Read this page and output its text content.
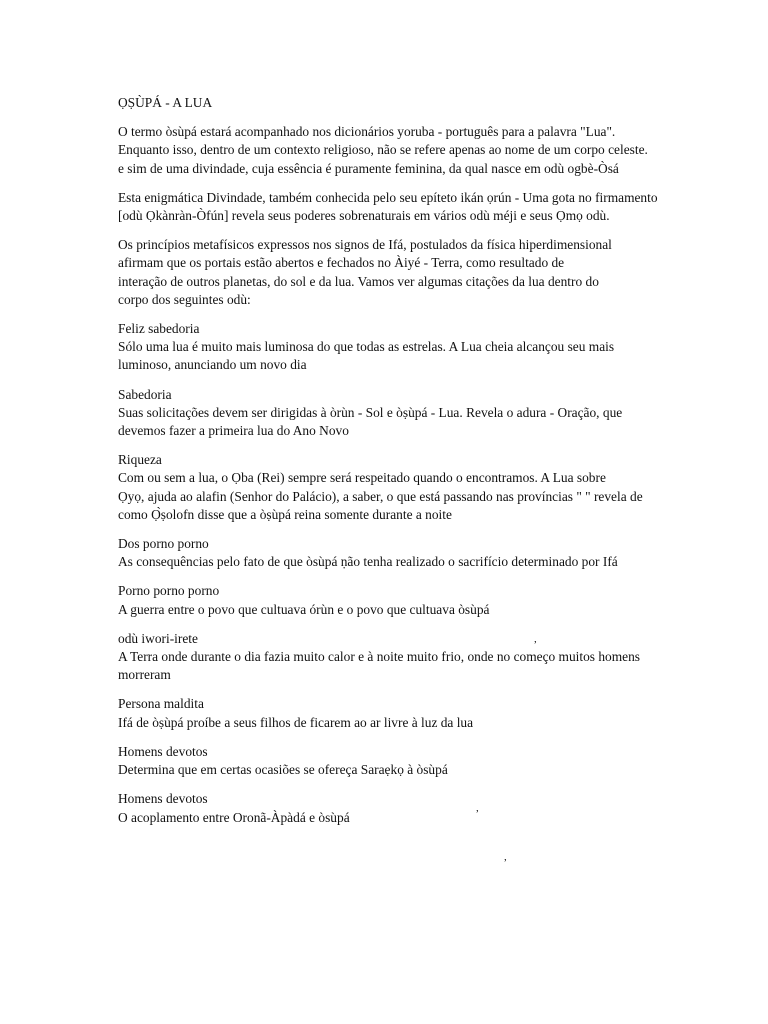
ỌṢÙPÁ - A LUA

O termo òsùpá estará acompanhado nos dicionários yoruba - português para a palavra "Lua".
Enquanto isso, dentro de um contexto religioso, não se refere apenas ao nome de um corpo celeste.
e sim de uma divindade, cuja essência é puramente feminina, da qual nasce em odù ogbè-Òsá

Esta enigmática Divindade, também conhecida pelo seu epíteto ikán ọrún - Uma gota no firmamento
[odù Ọkànràn-Òfún] revela seus poderes sobrenaturais em vários odù méji e seus Ọmọ odù.

Os princípios metafísicos expressos nos signos de Ifá, postulados da física hiperdimensional
afirmam que os portais estão abertos e fechados no Àiyé - Terra, como resultado de
interação de outros planetas, do sol e da lua. Vamos ver algumas citações da lua dentro do
corpo dos seguintes odù:

Feliz sabedoria
Sólo uma lua é muito mais luminosa do que todas as estrelas. A Lua cheia alcançou seu mais
luminoso, anunciando um novo dia
Sabedoria
Suas solicitações devem ser dirigidas à òrùn - Sol e òṣùpá - Lua. Revela o adura - Oração, que
devemos fazer a primeira lua do Ano Novo
Riqueza
Com ou sem a lua, o Ọba (Rei) sempre será respeitado quando o encontramos. A Lua sobre
Ọyọ, ajuda ao alafin (Senhor do Palácio), a saber, o que está passando nas províncias " " revela de
como Ọ̀ṣolofn disse que a òṣùpá reina somente durante a noite
Dos porno porno
As consequências pelo fato de que òsùpá ṇão tenha realizado o sacrifício determinado por Ifá
Porno porno porno
A guerra entre o povo que cultuava órùn e o povo que cultuava òsùpá
odù iwori-irete
A Terra onde durante o dia fazia muito calor e à noite muito frio, onde no começo muitos homens
morreram
Persona maldita
Ifá de òṣùpá proíbe a seus filhos de ficarem ao ar livre à luz da lua
Homens devotos
Determina que em certas ocasiões se ofereça Saraẹkọ à òsùpá
Homens devotos
O acoplamento entre Oronã-Àpàdá e òsùpá
,
,
,
